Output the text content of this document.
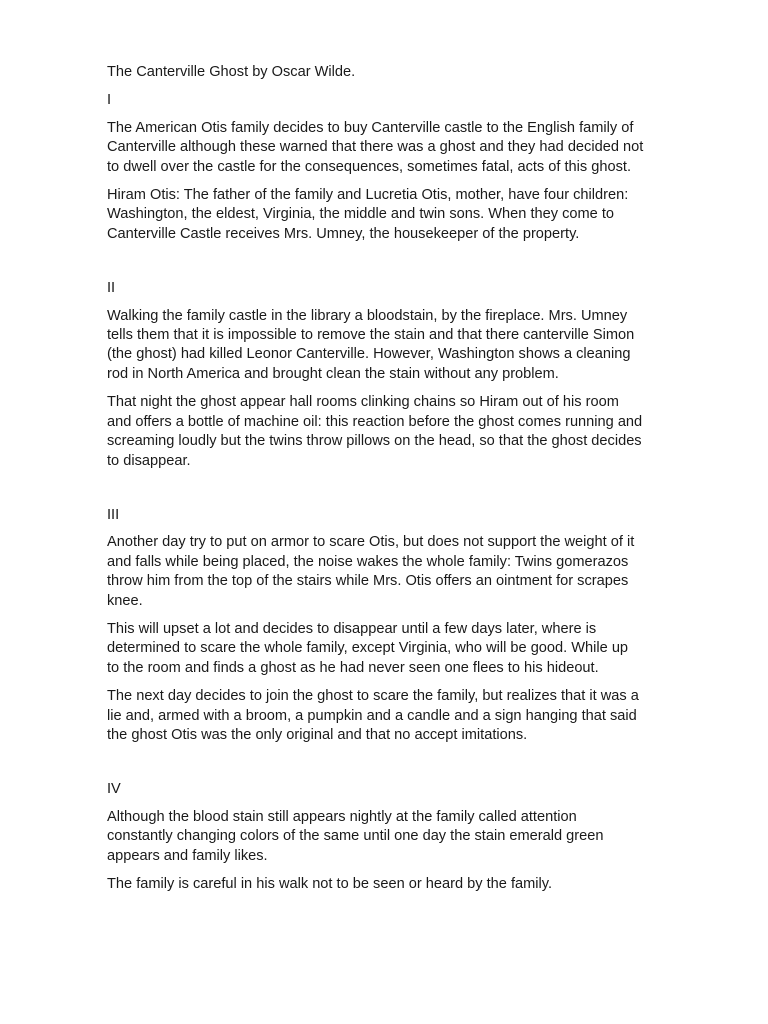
The Canterville Ghost by Oscar Wilde.

I

The American Otis family decides to buy Canterville castle to the English family of
Canterville although these warned that there was a ghost and they had decided not
to dwell over the castle for the consequences, sometimes fatal, acts of this ghost.

Hiram Otis: The father of the family and Lucretia Otis, mother, have four children:
Washington, the eldest, Virginia, the middle and twin sons. When they come to
Canterville Castle receives Mrs. Umney, the housekeeper of the property.

II

Walking the family castle in the library a bloodstain, by the fireplace. Mrs. Umney
tells them that it is impossible to remove the stain and that there canterville Simon
(the ghost) had killed Leonor Canterville. However, Washington shows a cleaning
rod in North America and brought clean the stain without any problem.

That night the ghost appear hall rooms clinking chains so Hiram out of his room
and offers a bottle of machine oil: this reaction before the ghost comes running and
screaming loudly but the twins throw pillows on the head, so that the ghost decides
to disappear.

III

Another day try to put on armor to scare Otis, but does not support the weight of it
and falls while being placed, the noise wakes the whole family: Twins gomerazos
throw him from the top of the stairs while Mrs. Otis offers an ointment for scrapes
knee.

This will upset a lot and decides to disappear until a few days later, where is
determined to scare the whole family, except Virginia, who will be good. While up
to the room and finds a ghost as he had never seen one flees to his hideout.

The next day decides to join the ghost to scare the family, but realizes that it was a
lie and, armed with a broom, a pumpkin and a candle and a sign hanging that said
the ghost Otis was the only original and that no accept imitations.

IV

Although the blood stain still appears nightly at the family called attention
constantly changing colors of the same until one day the stain emerald green
appears and family likes.

The family is careful in his walk not to be seen or heard by the family.
